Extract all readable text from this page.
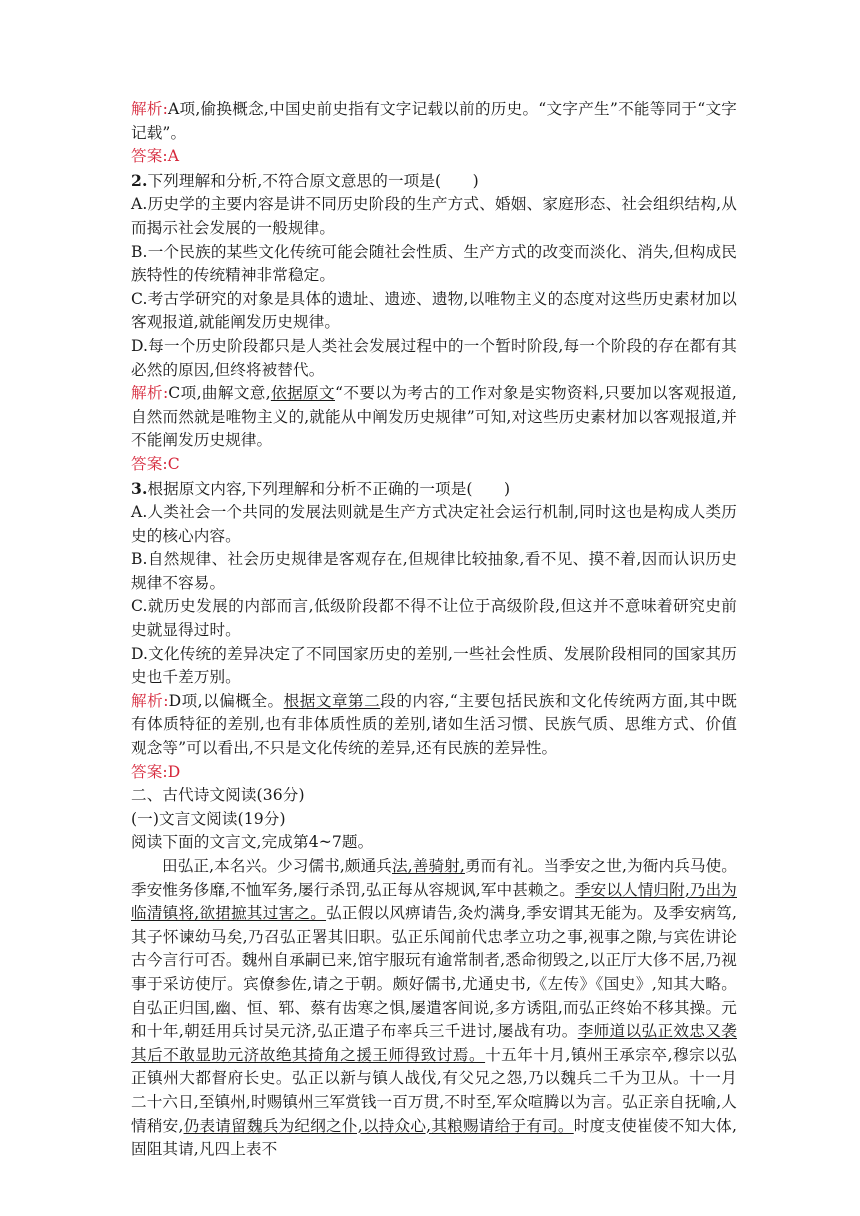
解析:A项,偷换概念,中国史前史指有文字记载以前的历史。“文字产生”不能等同于“文字记载”。

答案:A

2.下列理解和分析,不符合原文意思的一项是(　　)

A.历史学的主要内容是讲不同历史阶段的生产方式、婚姻、家庭形态、社会组织结构,从而揭示社会发展的一般规律。

B.一个民族的某些文化传统可能会随社会性质、生产方式的改变而淡化、消失,但构成民族特性的传统精神非常稳定。

C.考古学研究的对象是具体的遗址、遗迹、遗物,以唯物主义的态度对这些历史素材加以客观报道,就能阐发历史规律。

D.每一个历史阶段都只是人类社会发展过程中的一个暂时阶段,每一个阶段的存在都有其必然的原因,但终将被替代。

解析:C项,曲解文意,依据原文“不要以为考古的工作对象是实物资料,只要加以客观报道,自然而然就是唯物主义的,就能从中阐发历史规律”可知,对这些历史素材加以客观报道,并不能阐发历史规律。

答案:C

3.根据原文内容,下列理解和分析不正确的一项是(　　)

A.人类社会一个共同的发展法则就是生产方式决定社会运行机制,同时这也是构成人类历史的核心内容。

B.自然规律、社会历史规律是客观存在,但规律比较抽象,看不见、摸不着,因而认识历史规律不容易。

C.就历史发展的内部而言,低级阶段都不得不让位于高级阶段,但这并不意味着研究史前史就显得过时。

D.文化传统的差异决定了不同国家历史的差别,一些社会性质、发展阶段相同的国家其历史也千差万别。

解析:D项,以偏概全。根据文章第二段的内容,“主要包括民族和文化传统两方面,其中既有体质特征的差别,也有非体质性质的差别,诸如生活习惯、民族气质、思维方式、价值观念等”可以看出,不只是文化传统的差异,还有民族的差异性。

答案:D

二、古代诗文阅读(36分)

(一)文言文阅读(19分)

阅读下面的文言文,完成第4~7题。

田弘正,本名兴。少习儒书,颇通兵法,善骑射,勇而有礼。当季安之世,为衙内兵马使。季安惟务侈靡,不恤军务,屡行杀罚,弘正每从容规讽,军中甚赖之。季安以人情归附,乃出为临清镇将,欲捃摭其过害之。弘正假以风痹请告,灸灼满身,季安谓其无能为。及季安病笃,其子怀谏幼马矣,乃召弘正署其旧职。弘正乐闻前代忠孝立功之事,视事之隙,与宾佐讲论古今言行可否。魏州自承嗣已来,馆宇服玩有逾常制者,悉命彻毁之,以正厅大侈不居,乃视事于采访使厅。宾僚参佐,请之于朝。颇好儒书,尤通史书,《左传》《国史》,知其大略。自弘正归国,幽、恒、郓、蔡有齿寒之惧,屡遣客间说,多方诱阻,而弘正终始不移其操。元和十年,朝廷用兵讨吴元济,弘正遣子布率兵三千进讨,屡战有功。李师道以弘正效忠又袭其后不敢显助元济故绝其掎角之援王师得致讨焉。十五年十月,镇州王承宗卒,穆宗以弘正镇州大都督府长史。弘正以新与镇人战伐,有父兄之怨,乃以魏兵二千为卫从。十一月二十六日,至镇州,时赐镇州三军赏钱一百万贯,不时至,军众喧腾以为言。弘正亲自抚喻,人情稍安,仍表请留魏兵为纪纲之仆,以持众心,其粮赐请给于有司。时度支使崔倰不知大体,固阻其请,凡四上表不
